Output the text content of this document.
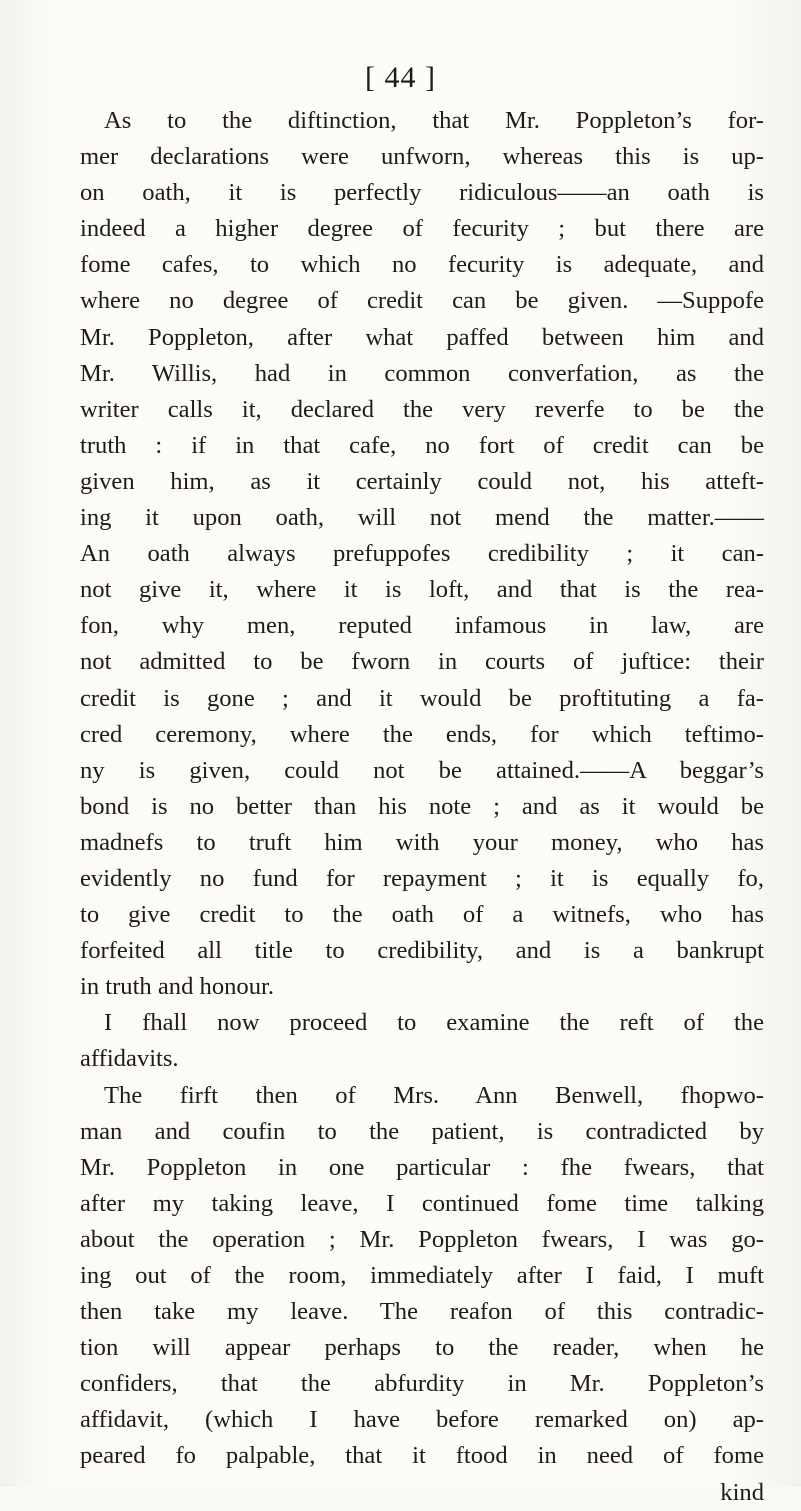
[ 44 ]
As to the diftinction, that Mr. Poppleton’s for-
mer declarations were unfworn, whereas this is up-
on oath, it is perfectly ridiculous——an oath is
indeed a higher degree of fecurity ; but there are
fome cafes, to which no fecurity is adequate, and
where no degree of credit can be given. —Suppofe
Mr. Poppleton, after what paffed between him and
Mr. Willis, had in common converfation, as the
writer calls it, declared the very reverfe to be the
truth : if in that cafe, no fort of credit can be
given him, as it certainly could not, his atteft-
ing it upon oath, will not mend the matter.——
An oath always prefuppofes credibility ; it can-
not give it, where it is loft, and that is the rea-
fon, why men, reputed infamous in law, are
not admitted to be fworn in courts of juftice: their
credit is gone ; and it would be proftituting a fa-
cred ceremony, where the ends, for which teftimo-
ny is given, could not be attained.——A beggar’s
bond is no better than his note ; and as it would be
madnefs to truft him with your money, who has
evidently no fund for repayment ; it is equally fo,
to give credit to the oath of a witnefs, who has
forfeited all title to credibility, and is a bankrupt
in truth and honour.
I fhall now proceed to examine the reft of the
affidavits.
The firft then of Mrs. Ann Benwell, fhopwo-
man and coufin to the patient, is contradicted by
Mr. Poppleton in one particular : fhe fwears, that
after my taking leave, I continued fome time talking
about the operation ; Mr. Poppleton fwears, I was go-
ing out of the room, immediately after I faid, I muft
then take my leave. The reafon of this contradic-
tion will appear perhaps to the reader, when he
confiders, that the abfurdity in Mr. Poppleton’s
affidavit, (which I have before remarked on) ap-
peared fo palpable, that it ftood in need of fome
kind
